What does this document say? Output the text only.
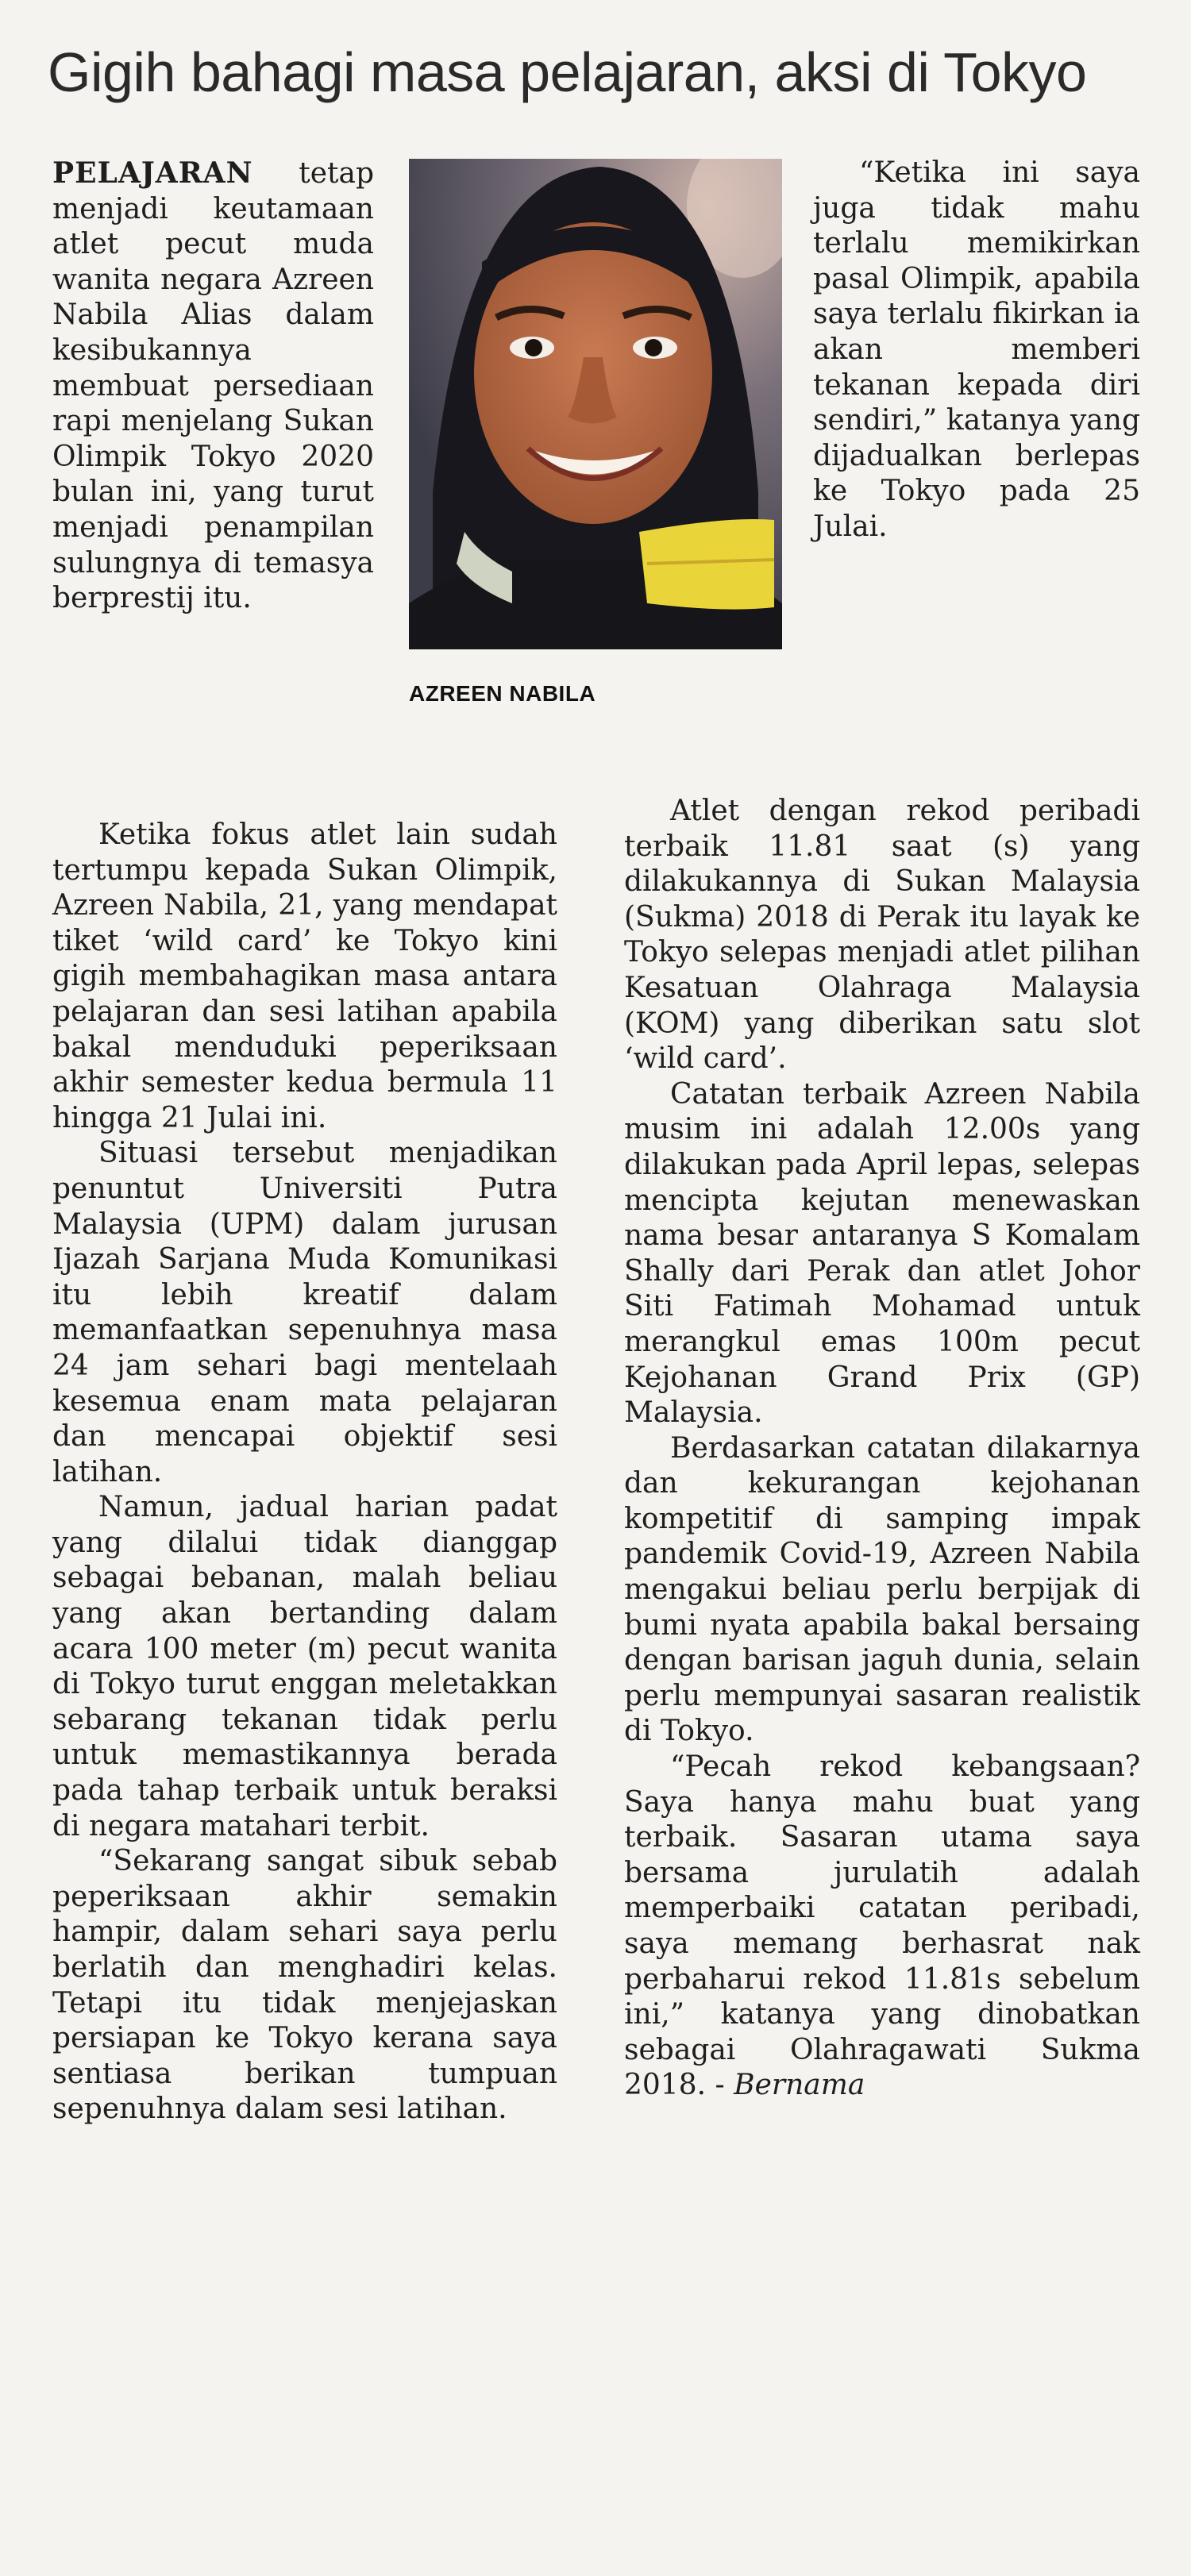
Gigih bahagi masa pelajaran, aksi di Tokyo
AZREEN NABILA

PELAJARAN tetap menjadi keutamaan atlet pecut muda wanita negara Azreen Nabila Alias dalam kesibukannya membuat persediaan rapi menjelang Sukan Olimpik Tokyo 2020 bulan ini, yang turut menjadi penampilan sulungnya di temasya berprestij itu.

Ketika fokus atlet lain sudah tertumpu kepada Sukan Olimpik, Azreen Nabila, 21, yang mendapat tiket ‘wild card’ ke Tokyo kini gigih membahagikan masa antara pelajaran dan sesi latihan apabila bakal menduduki peperiksaan akhir semester kedua bermula 11 hingga 21 Julai ini.

Situasi tersebut menjadikan penuntut Universiti Putra Malaysia (UPM) dalam jurusan Ijazah Sarjana Muda Komunikasi itu lebih kreatif dalam memanfaatkan sepenuhnya masa 24 jam sehari bagi mentelaah kesemua enam mata pelajaran dan mencapai objektif sesi latihan.

Namun, jadual harian padat yang dilalui tidak dianggap sebagai bebanan, malah beliau yang akan bertanding dalam acara 100 meter (m) pecut wanita di Tokyo turut enggan meletakkan sebarang tekanan tidak perlu untuk memastikannya berada pada tahap terbaik untuk beraksi di negara matahari terbit.

“Sekarang sangat sibuk sebab peperiksaan akhir semakin hampir, dalam sehari saya perlu berlatih dan menghadiri kelas. Tetapi itu tidak menjejaskan persiapan ke Tokyo kerana saya sentiasa berikan tumpuan sepenuhnya dalam sesi latihan.

“Ketika ini saya juga tidak mahu terlalu memikirkan pasal Olimpik, apabila saya terlalu fikirkan ia akan memberi tekanan kepada diri sendiri,” katanya yang dijadualkan berlepas ke Tokyo pada 25 Julai.

Atlet dengan rekod peribadi terbaik 11.81 saat (s) yang dilakukannya di Sukan Malaysia (Sukma) 2018 di Perak itu layak ke Tokyo selepas menjadi atlet pilihan Kesatuan Olahraga Malaysia (KOM) yang diberikan satu slot ‘wild card’.

Catatan terbaik Azreen Nabila musim ini adalah 12.00s yang dilakukan pada April lepas, selepas mencipta kejutan menewaskan nama besar antaranya S Komalam Shally dari Perak dan atlet Johor Siti Fatimah Mohamad untuk merangkul emas 100m pecut Kejohanan Grand Prix (GP) Malaysia.

Berdasarkan catatan dilakarnya dan kekurangan kejohanan kompetitif di samping impak pandemik Covid-19, Azreen Nabila mengakui beliau perlu berpijak di bumi nyata apabila bakal bersaing dengan barisan jaguh dunia, selain perlu mempunyai sasaran realistik di Tokyo.

“Pecah rekod kebangsaan? Saya hanya mahu buat yang terbaik. Sasaran utama saya bersama jurulatih adalah memperbaiki catatan peribadi, saya memang berhasrat nak perbaharui rekod 11.81s sebelum ini,” katanya yang dinobatkan sebagai Olahragawati Sukma 2018. - Bernama
